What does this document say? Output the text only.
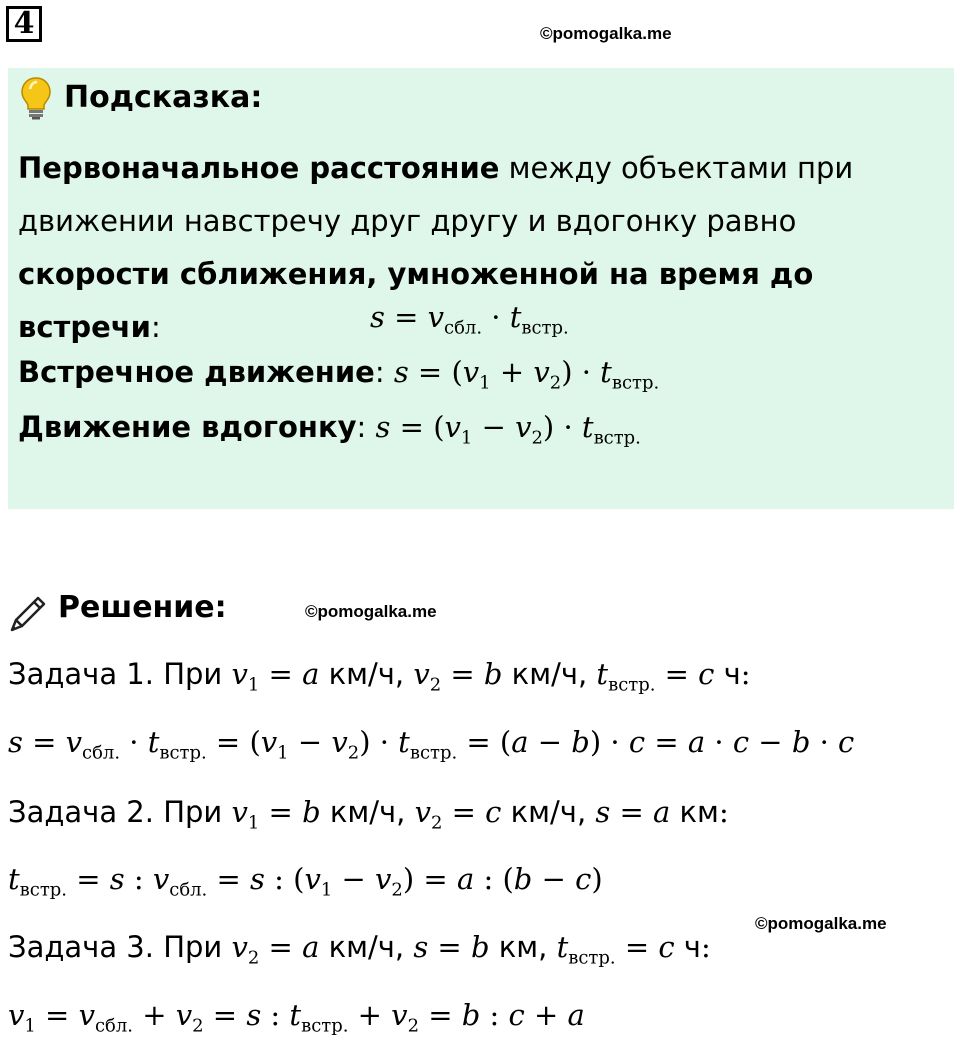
4	©pomogalka.me
Подсказка:
Первоначальное расстояние между объектами при движении навстречу друг другу и вдогонку равно скорости сближения, умноженной на время до встречи:	$s = v_{сбл.} \cdot t_{встр.}$
Встречное движение: $s = (v_1 + v_2) \cdot t_{встр.}$
Движение вдогонку: $s = (v_1 - v_2) \cdot t_{встр.}$
Решение:	©pomogalka.me
Задача 1. При $v_1 = a$ км/ч, $v_2 = b$ км/ч, $t_{встр.} = c$ ч:
$s = v_{сбл.} \cdot t_{встр.} = (v_1 - v_2) \cdot t_{встр.} = (a - b) \cdot c = a \cdot c - b \cdot c$
Задача 2. При $v_1 = b$ км/ч, $v_2 = c$ км/ч, s = a км:
$t_{встр.} = s$ : $v_{сбл.} = s$ : $(v_1 - v_2) = a$ : (b − c)
©pomogalka.me
Задача 3. При $v_2 = a$ км/ч, s = b км, $t_{встр.} = c$ ч:
$v_1 = v_{сбл.} + v_2 = s$ : $t_{встр.} + v_2 = b$ : c + a
